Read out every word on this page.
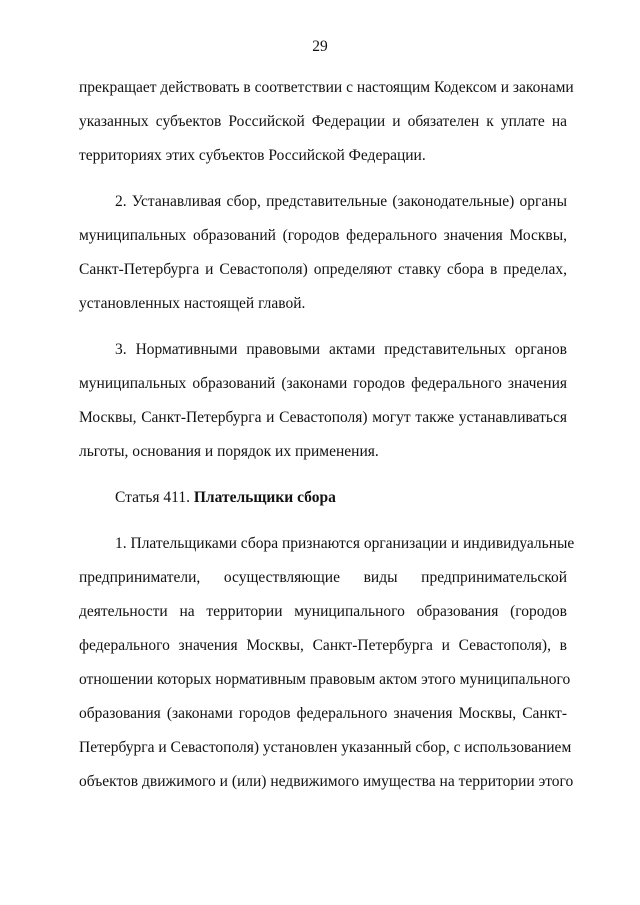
29
прекращает действовать в соответствии с настоящим Кодексом и законами
указанных субъектов Российской Федерации и обязателен к уплате на
территориях этих субъектов Российской Федерации.
2. Устанавливая сбор, представительные (законодательные) органы
муниципальных образований (городов федерального значения Москвы,
Санкт-Петербурга и Севастополя) определяют ставку сбора в пределах,
установленных настоящей главой.
3. Нормативными правовыми актами представительных органов
муниципальных образований (законами городов федерального значения
Москвы, Санкт-Петербурга и Севастополя) могут также устанавливаться
льготы, основания и порядок их применения.
Статья 411. Плательщики сбора
1. Плательщиками сбора признаются организации и индивидуальные
предприниматели, осуществляющие виды предпринимательской
деятельности на территории муниципального образования (городов
федерального значения Москвы, Санкт-Петербурга и Севастополя), в
отношении которых нормативным правовым актом этого муниципального
образования (законами городов федерального значения Москвы, Санкт-
Петербурга и Севастополя) установлен указанный сбор, с использованием
объектов движимого и (или) недвижимого имущества на территории этого
